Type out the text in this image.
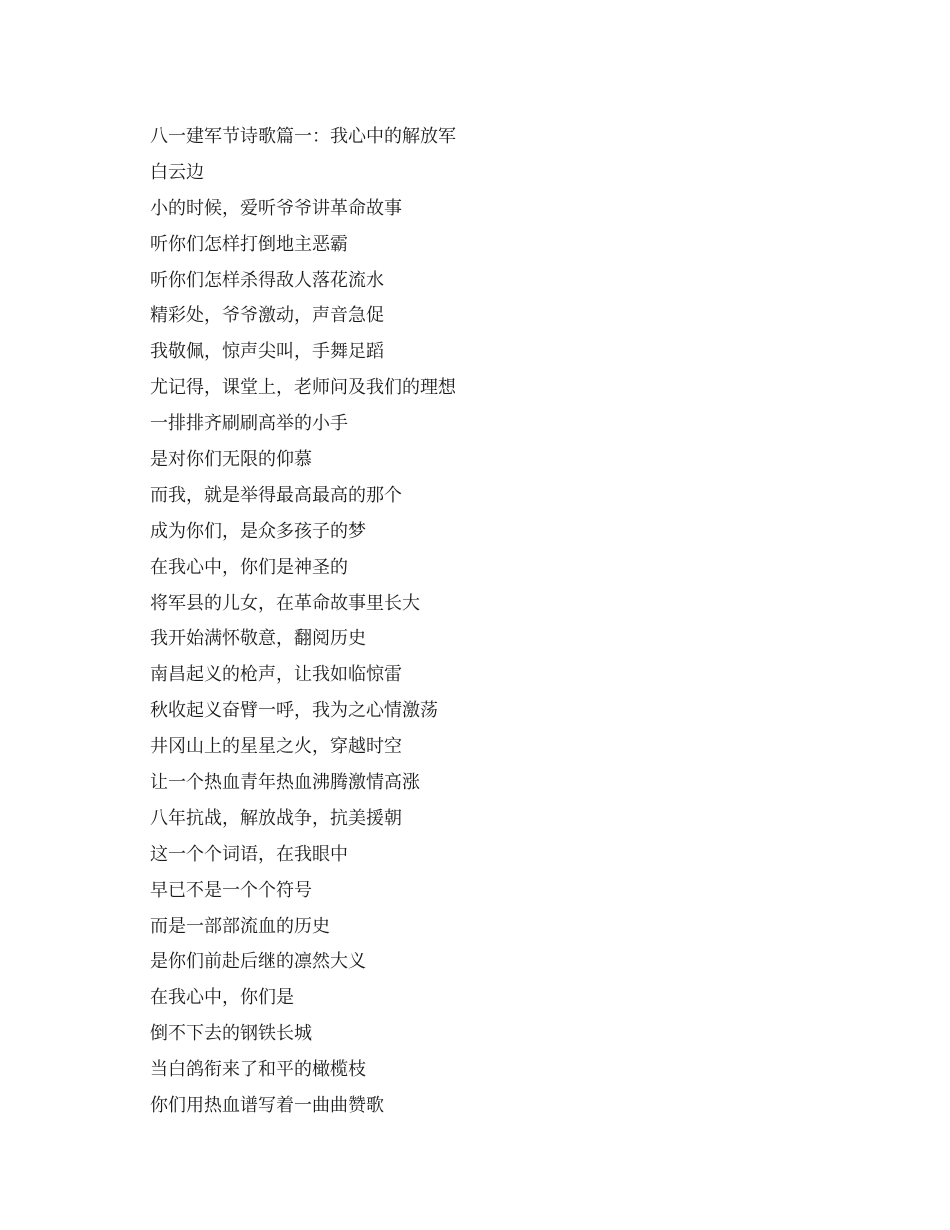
八一建军节诗歌篇一：我心中的解放军
白云边
小的时候，爱听爷爷讲革命故事
听你们怎样打倒地主恶霸
听你们怎样杀得敌人落花流水
精彩处，爷爷激动，声音急促
我敬佩，惊声尖叫，手舞足蹈
尤记得，课堂上，老师问及我们的理想
一排排齐刷刷高举的小手
是对你们无限的仰慕
而我，就是举得最高最高的那个
成为你们，是众多孩子的梦
在我心中，你们是神圣的
将军县的儿女，在革命故事里长大
我开始满怀敬意，翻阅历史
南昌起义的枪声，让我如临惊雷
秋收起义奋臂一呼，我为之心情激荡
井冈山上的星星之火，穿越时空
让一个热血青年热血沸腾激情高涨
八年抗战，解放战争，抗美援朝
这一个个词语，在我眼中
早已不是一个个符号
而是一部部流血的历史
是你们前赴后继的凛然大义
在我心中，你们是
倒不下去的钢铁长城
当白鸽衔来了和平的橄榄枝
你们用热血谱写着一曲曲赞歌
